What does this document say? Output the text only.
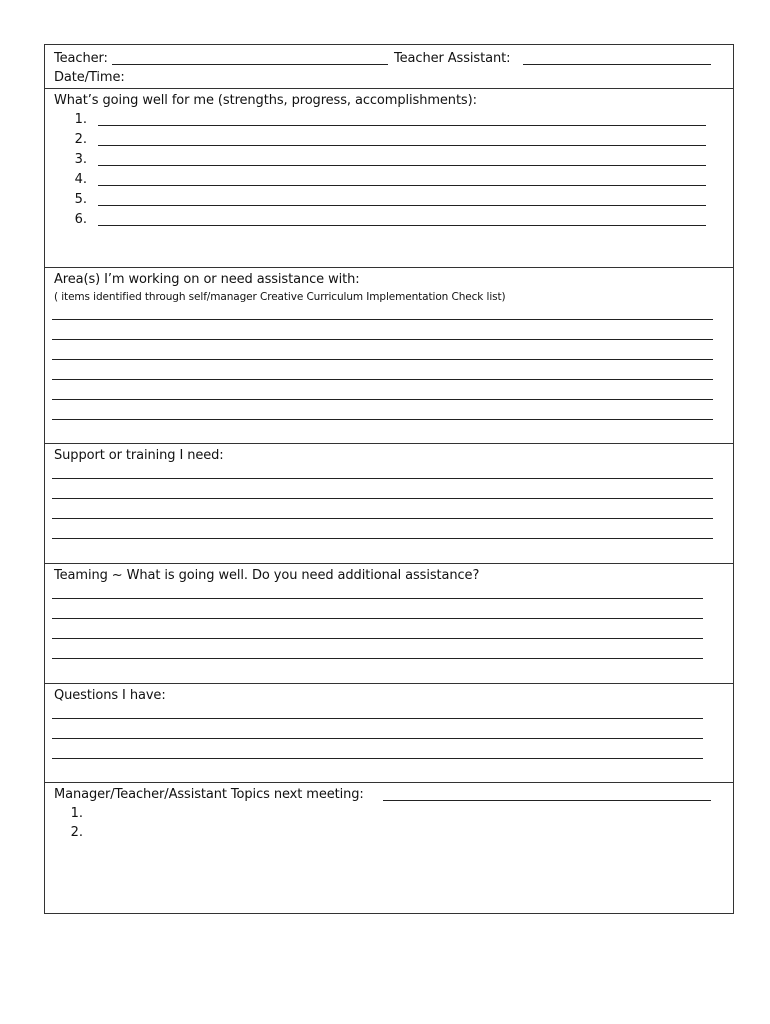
Teacher:	Teacher Assistant:
Date/Time:
What’s going well for me (strengths, progress, accomplishments):
1.
2.
3.
4.
5.
6.
Area(s) I’m working on or need assistance with:
( items identified through self/manager Creative Curriculum Implementation Check list)
Support or training I need:
Teaming ~ What is going well. Do you need additional assistance?
Questions I have:
Manager/Teacher/Assistant Topics next meeting:
1.
2.
